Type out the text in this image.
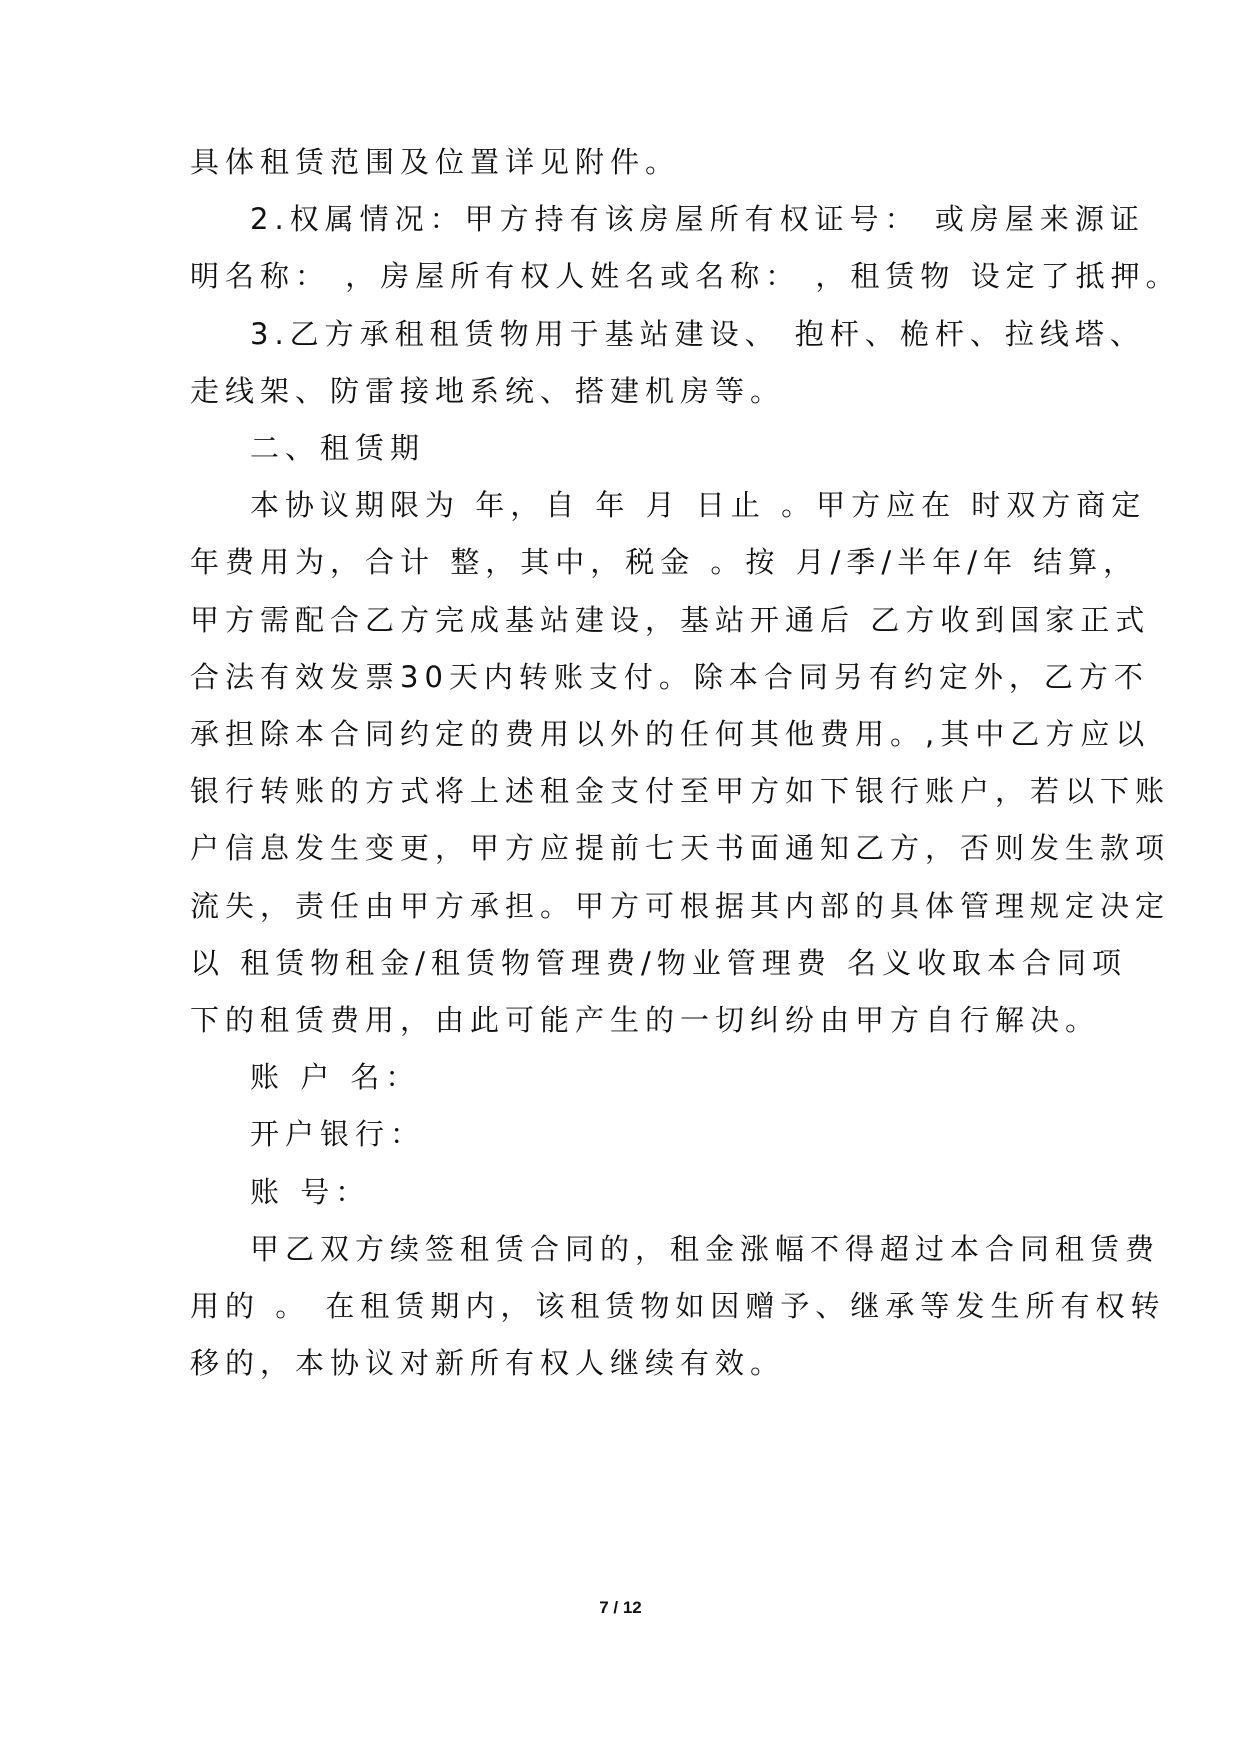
具体租赁范围及位置详见附件。

2.权属情况：甲方持有该房屋所有权证号： 或房屋来源证

明名称： ，房屋所有权人姓名或名称： ，租赁物 设定了抵押。

3.乙方承租租赁物用于基站建设、 抱杆、桅杆、拉线塔、

走线架、防雷接地系统、搭建机房等。

二、租赁期

本协议期限为 年，自 年 月 日止 。甲方应在 时双方商定

年费用为，合计 整，其中，税金 。按 月/季/半年/年 结算，

甲方需配合乙方完成基站建设，基站开通后 乙方收到国家正式

合法有效发票30天内转账支付。除本合同另有约定外，乙方不

承担除本合同约定的费用以外的任何其他费用。,其中乙方应以

银行转账的方式将上述租金支付至甲方如下银行账户，若以下账

户信息发生变更，甲方应提前七天书面通知乙方，否则发生款项

流失，责任由甲方承担。甲方可根据其内部的具体管理规定决定

以 租赁物租金/租赁物管理费/物业管理费 名义收取本合同项

下的租赁费用，由此可能产生的一切纠纷由甲方自行解决。

账 户 名：

开户银行：

账 号：

甲乙双方续签租赁合同的，租金涨幅不得超过本合同租赁费

用的 。 在租赁期内，该租赁物如因赠予、继承等发生所有权转

移的，本协议对新所有权人继续有效。

7 / 12
